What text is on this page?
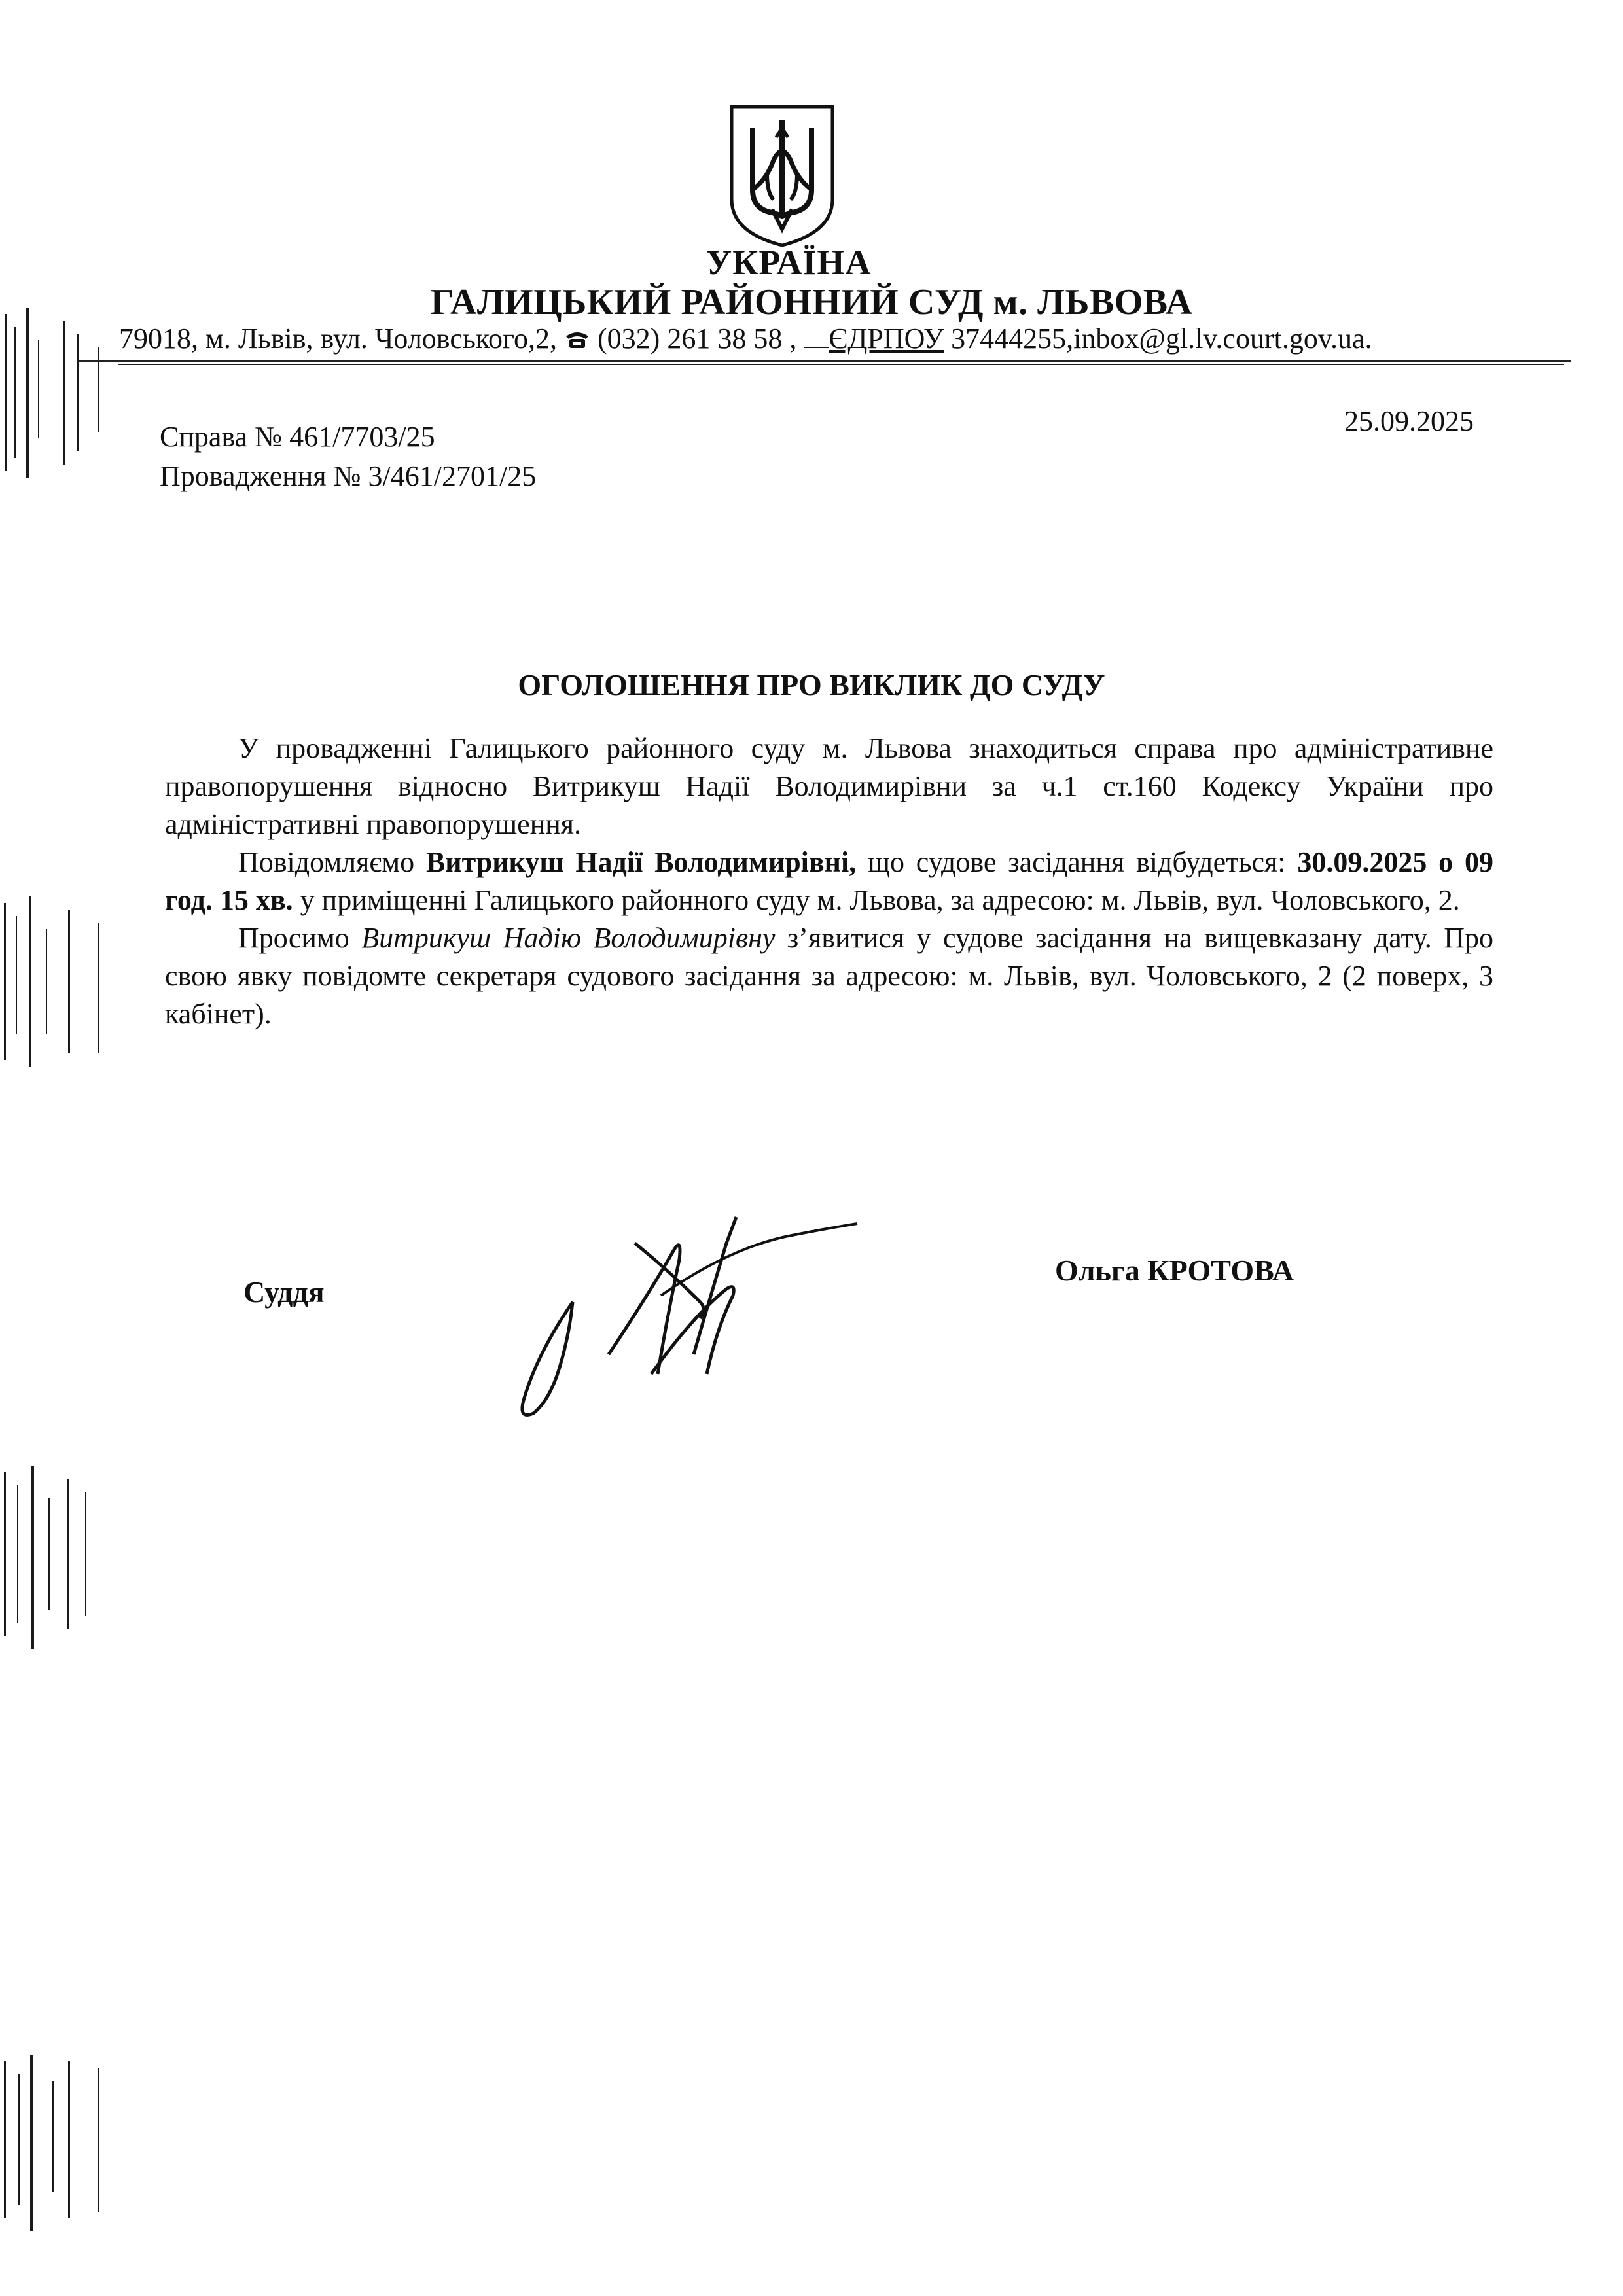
УКРАЇНА
ГАЛИЦЬКИЙ РАЙОННИЙ СУД м. ЛЬВОВА
79018, м. Львів, вул. Чоловського,2,  (032) 261 38 58 , ЄДРПОУ 37444255,inbox@gl.lv.court.gov.ua.
Справа № 461/7703/25
Провадження № 3/461/2701/25
25.09.2025
ОГОЛОШЕННЯ ПРО ВИКЛИК ДО СУДУ

У провадженні Галицького районного суду м. Львова знаходиться справа про адміністративне правопорушення відносно Витрикуш Надії Володимирівни за ч.1 ст.160 Кодексу України про адміністративні правопорушення.

Повідомляємо Витрикуш Надії Володимирівні, що судове засідання відбудеться: 30.09.2025 о 09 год. 15 хв. у приміщенні Галицького районного суду м. Львова, за адресою: м. Львів, вул. Чоловського, 2.

Просимо Витрикуш Надію Володимирівну з’явитися у судове засідання на вищевказану дату. Про свою явку повідомте секретаря судового засідання за адресою: м. Львів, вул. Чоловського, 2 (2 поверх, 3 кабінет).

Суддя
Ольга КРОТОВА
